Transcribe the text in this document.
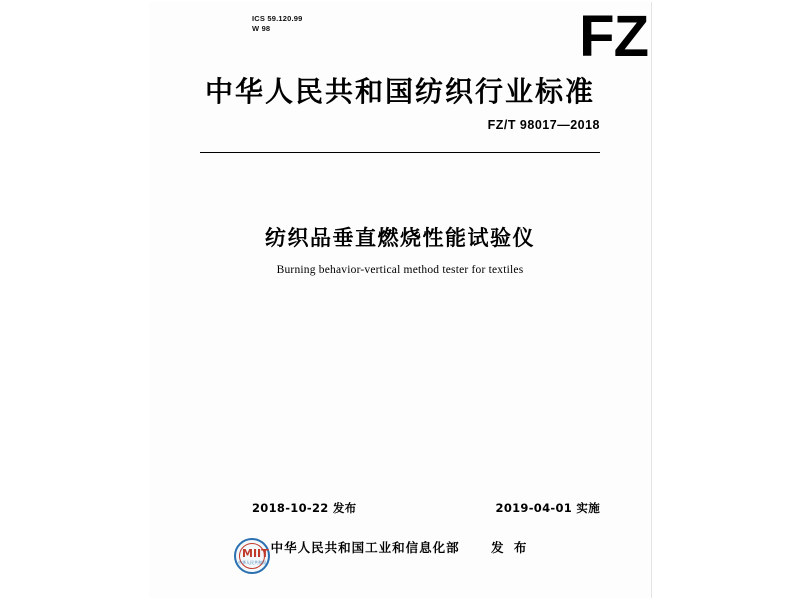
ICS 59.120.99
W 98	FZ
中华人民共和国纺织行业标准
FZ/T 98017—2018
纺织品垂直燃烧性能试验仪
Burning behavior-vertical method tester for textiles
2018-10-22 发布	2019-04-01 实施
MIIT
中华人民共和国
中华人民共和国工业和信息化部	发 布
